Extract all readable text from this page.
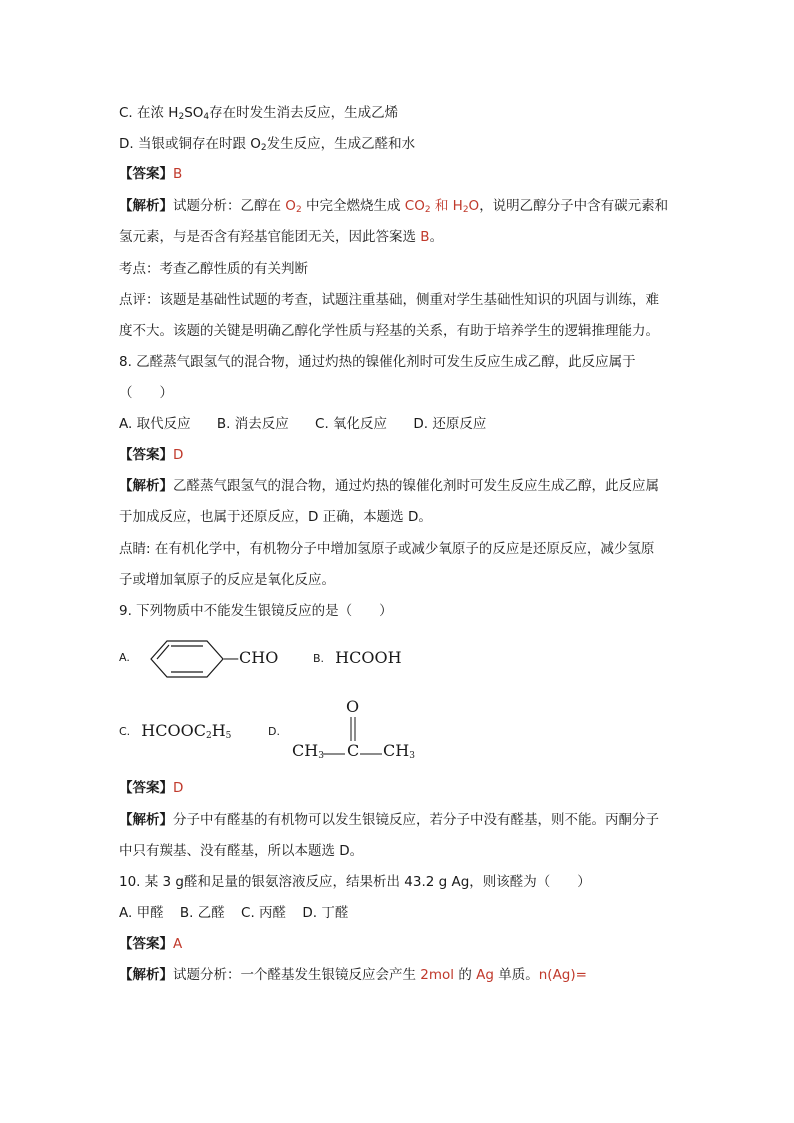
C. 在浓 $H_2SO_4$存在时发生消去反应，生成乙烯
D. 当银或铜存在时跟 $O_2$发生反应，生成乙醛和水
【答案】B
【解析】试题分析：乙醇在 $O_2$ 中完全燃烧生成 $CO_2$ 和 $H_2O$，说明乙醇分子中含有碳元素和
氢元素，与是否含有羟基官能团无关，因此答案选 B。
考点：考查乙醇性质的有关判断
点评：该题是基础性试题的考查，试题注重基础，侧重对学生基础性知识的巩固与训练，难
度不大。该题的关键是明确乙醇化学性质与羟基的关系，有助于培养学生的逻辑推理能力。
8. 乙醛蒸气跟氢气的混合物，通过灼热的镍催化剂时可发生反应生成乙醇，此反应属于
（　　）
A. 取代反应 B. 消去反应 C. 氧化反应 D. 还原反应
【答案】D
【解析】乙醛蒸气跟氢气的混合物，通过灼热的镍催化剂时可发生反应生成乙醇，此反应属
于加成反应，也属于还原反应，D 正确，本题选 D。
点睛: 在有机化学中，有机物分子中增加氢原子或减少氧原子的反应是还原反应，减少氢原
子或增加氧原子的反应是氧化反应。
9. 下列物质中不能发生银镜反应的是（　　）
A.	—CHO	B. HCOOH
C. $HCOOC_2H_5$	D.
O
$CH_3$ C $CH_3$
【答案】D
【解析】分子中有醛基的有机物可以发生银镜反应，若分子中没有醛基，则不能。丙酮分子
中只有羰基、没有醛基，所以本题选 D。
10. 某 3 g醛和足量的银氨溶液反应，结果析出 43.2 g Ag，则该醛为（　　）
A. 甲醛 B. 乙醛 C. 丙醛 D. 丁醛
【答案】A
【解析】试题分析：一个醛基发生银镜反应会产生 2mol 的 Ag 单质。n(Ag)=
